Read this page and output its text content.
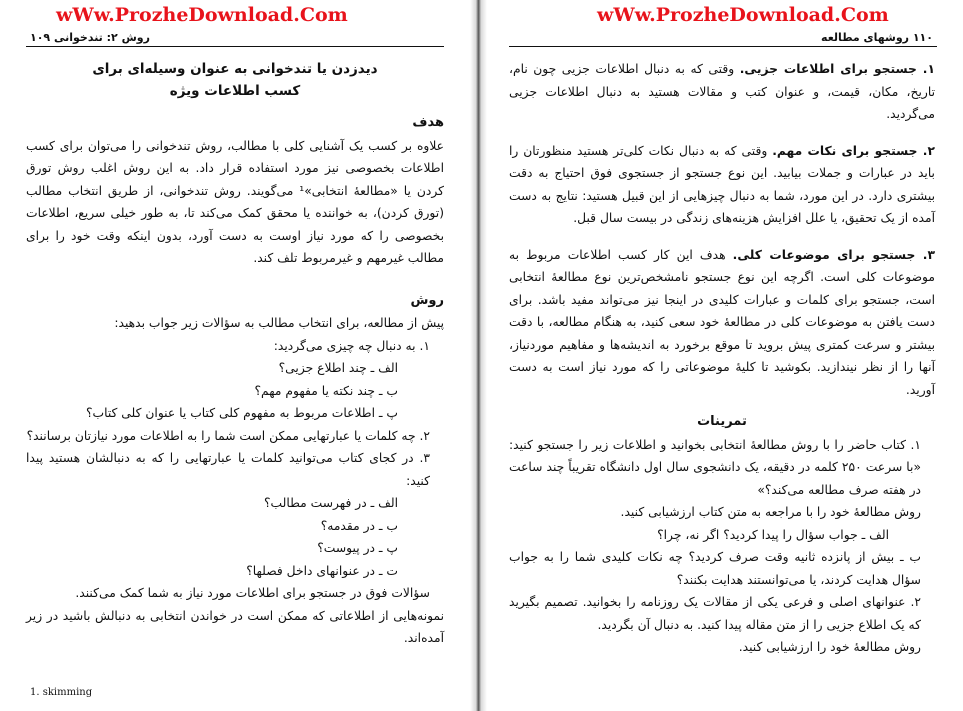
wWw.ProzheDownload.Com
روش ۲: تندخوانی ۱۰۹
دیدزدن یا تندخوانی به عنوان وسیله‌ای برای
کسب اطلاعات ویژه
هدف

علاوه بر کسب یک آشنایی کلی با مطالب، روش تندخوانی را می‌توان برای کسب اطلاعات بخصوصی نیز مورد استفاده قرار داد. به این روش اغلب روش تورق کردن یا «مطالعهٔ انتخابی»¹ می‌گویند. روش تندخوانی، از طریق انتخاب مطالب (تورق کردن)، به خواننده یا محقق کمک می‌کند تا، به طور خیلی سریع، اطلاعات بخصوصی را که مورد نیاز اوست به دست آورد، بدون اینکه وقت خود را برای مطالب غیرمهم و غیرمربوط تلف کند.

روش

پیش از مطالعه، برای انتخاب مطالب به سؤالات زیر جواب بدهید:

۱. به دنبال چه چیزی می‌گردید:

الف ـ چند اطلاع جزیی؟

ب ـ چند نکته یا مفهوم مهم؟

پ ـ اطلاعات مربوط به مفهوم کلی کتاب یا عنوان کلی کتاب؟

۲. چه کلمات یا عبارتهایی ممکن است شما را به اطلاعات مورد نیازتان برسانند؟

۳. در کجای کتاب می‌توانید کلمات یا عبارتهایی را که به دنبالشان هستید پیدا کنید:

الف ـ در فهرست مطالب؟

ب ـ در مقدمه؟

پ ـ در پیوست؟

ت ـ در عنوانهای داخل فصلها؟

سؤالات فوق در جستجو برای اطلاعات مورد نیاز به شما کمک می‌کنند.

نمونه‌هایی از اطلاعاتی که ممکن است در خواندن انتخابی به دنبالش باشید در زیر آمده‌اند.

1. skimming
wWw.ProzheDownload.Com
۱۱۰ روشهای مطالعه

۱. جستجو برای اطلاعات جزیی. وقتی که به دنبال اطلاعات جزیی چون نام، تاریخ، مکان، قیمت، و عنوان کتب و مقالات هستید به دنبال اطلاعات جزیی می‌گردید.

۲. جستجو برای نکات مهم. وقتی که به دنبال نکات کلی‌تر هستید منظورتان را باید در عبارات و جملات بیابید. این نوع جستجو از جستجوی فوق احتیاج به دقت بیشتری دارد. در این مورد، شما به دنبال چیزهایی از این قبیل هستید: نتایج به دست آمده از یک تحقیق، یا علل افزایش هزینه‌های زندگی در بیست سال قبل.

۳. جستجو برای موضوعات کلی. هدف این کار کسب اطلاعات مربوط به موضوعات کلی است. اگرچه این نوع جستجو نامشخص‌ترین نوع مطالعهٔ انتخابی است، جستجو برای کلمات و عبارات کلیدی در اینجا نیز می‌تواند مفید باشد. برای دست یافتن به موضوعات کلی در مطالعهٔ خود سعی کنید، به هنگام مطالعه، با دقت بیشتر و سرعت کمتری پیش بروید تا موقع برخورد به اندیشه‌ها و مفاهیم موردنیاز، آنها را از نظر نیندازید. بکوشید تا کلیهٔ موضوعاتی را که مورد نیاز است به دست آورید.

تمرینات

۱. کتاب حاضر را با روش مطالعهٔ انتخابی بخوانید و اطلاعات زیر را جستجو کنید: «با سرعت ۲۵۰ کلمه در دقیقه، یک دانشجوی سال اول دانشگاه تقریباً چند ساعت در هفته صرف مطالعه می‌کند؟»

روش مطالعهٔ خود را با مراجعه به متن کتاب ارزشیابی کنید.

الف ـ جواب سؤال را پیدا کردید؟ اگر نه، چرا؟

ب ـ بیش از پانزده ثانیه وقت صرف کردید؟ چه نکات کلیدی شما را به جواب سؤال هدایت کردند، یا می‌توانستند هدایت بکنند؟

۲. عنوانهای اصلی و فرعی یکی از مقالات یک روزنامه را بخوانید. تصمیم بگیرید که یک اطلاع جزیی را از متن مقاله پیدا کنید. به دنبال آن بگردید.

روش مطالعهٔ خود را ارزشیابی کنید.
